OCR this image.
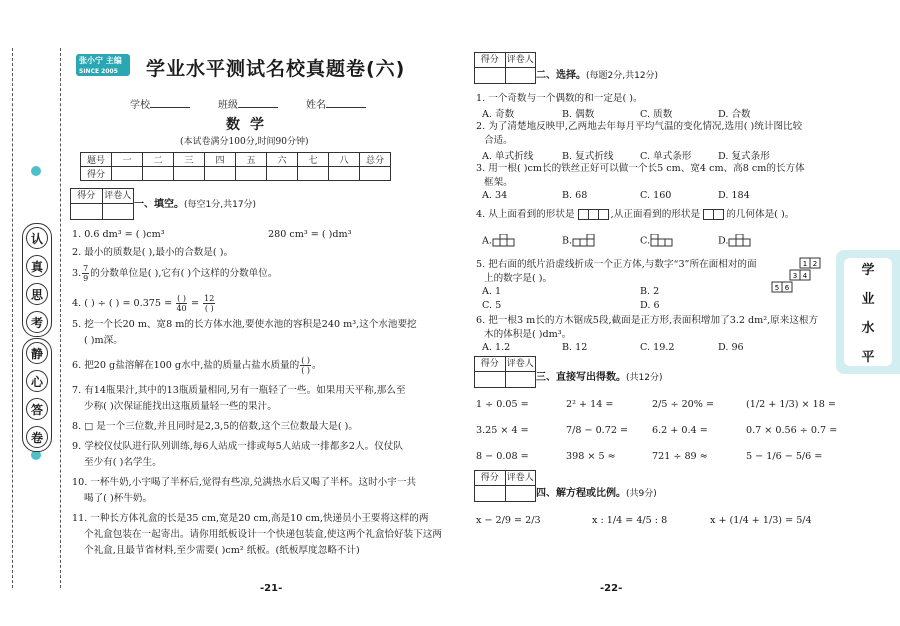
认
真
思
考
静
心
答
卷
张小宁 主编
SINCE 2005	学业水平测试名校真题卷(六)
学校	班级	姓名
数学
(本试卷满分100分,时间90分钟)
题号	一	二	三	四	五	六	七	八	总分
得分									
得分 评卷人
一、填空。(每空1分,共17分)
1. 0.6 dm³ = ( )cm³	280 cm³ = ( )dm³
2. 最小的质数是( ),最小的合数是( )。
3. $\frac{7}{9}$ 的分数单位是( ),它有( )个这样的分数单位。
4. ( ) ÷ ( ) = $0.375 = \frac{( )}{40} = \frac{12}{( )}$
5. 挖一个长20 m、宽8 m的长方体水池,要使水池的容积是240 m³,这个水池要挖
( )m深。
6. 把20 g盐溶解在100 g水中,盐的质量占盐水质量的 $\frac{( )}{( )}$ 。
7. 有14瓶果汁,其中的13瓶质量相同,另有一瓶轻了一些。如果用天平称,那么至
少称( )次保证能找出这瓶质量轻一些的果汁。
8. □ 是一个三位数,并且同时是2,3,5的倍数,这个三位数最大是( )。
9. 学校仪仗队进行队列训练,每6人站成一排或每5人站成一排都多2人。仪仗队
至少有( )名学生。
10. 一杯牛奶,小宇喝了半杯后,觉得有些凉,兑满热水后又喝了半杯。这时小宇一共
喝了( )杯牛奶。
11. 一种长方体礼盒的长是35 cm,宽是20 cm,高是10 cm,快递员小王要将这样的两
个礼盒包装在一起寄出。请你用纸板设计一个快递包装盒,使这两个礼盒恰好装下这两
个礼盒,且最节省材料,至少需要( )cm² 纸板。(纸板厚度忽略不计)
-21-
得分 评卷人
二、选择。(每题2分,共12分)
1. 一个奇数与一个偶数的和一定是( )。
A. 奇数	B. 偶数	C. 质数	D. 合数
2. 为了清楚地反映甲,乙两地去年每月平均气温的变化情况,选用( )统计图比较
合适。
A. 单式折线	B. 复式折线	C. 单式条形	D. 复式条形
3. 用一根( )cm长的铁丝正好可以做一个长5 cm、宽4 cm、高8 cm的长方体
框架。
A. 34	B. 68	C. 160	D. 184
4. 从上面看到的形状是	,从正面看到的形状是	的几何体是( )。
A.	B.	C.	D.
5. 把右面的纸片沿虚线折成一个正方体,与数字“3”所在面相对的面
上的数字是( )。
1 2
3 4
5 6
A. 1	B. 2
C. 5	D. 6
6. 把一根3 m长的方木锯成5段,截面是正方形,表面积增加了3.2 dm²,原来这根方
木的体积是( )dm³。
A. 1.2	B. 12	C. 19.2	D. 96
得分 评卷人
三、直接写出得数。(共12分)
1 ÷ 0.05 =	2² + 14 =	2/5 ÷ 20% =	(1/2 + 1/3) × 18 =
3.25 × 4 =	7/8 − 0.72 = 6.2 + 0.4 =	0.7 × 0.56 ÷ 0.7 =
8 − 0.08 =	398 × 5 ≈	721 ÷ 89 ≈	5 − 1/6 − 5/6 =
得分 评卷人
四、解方程或比例。(共9分)
x − 2/9 = 2/3	x : 1/4 = 4/5 : 8	x + (1/4 + 1/3) = 5/4
-22-
学
业
水
平
